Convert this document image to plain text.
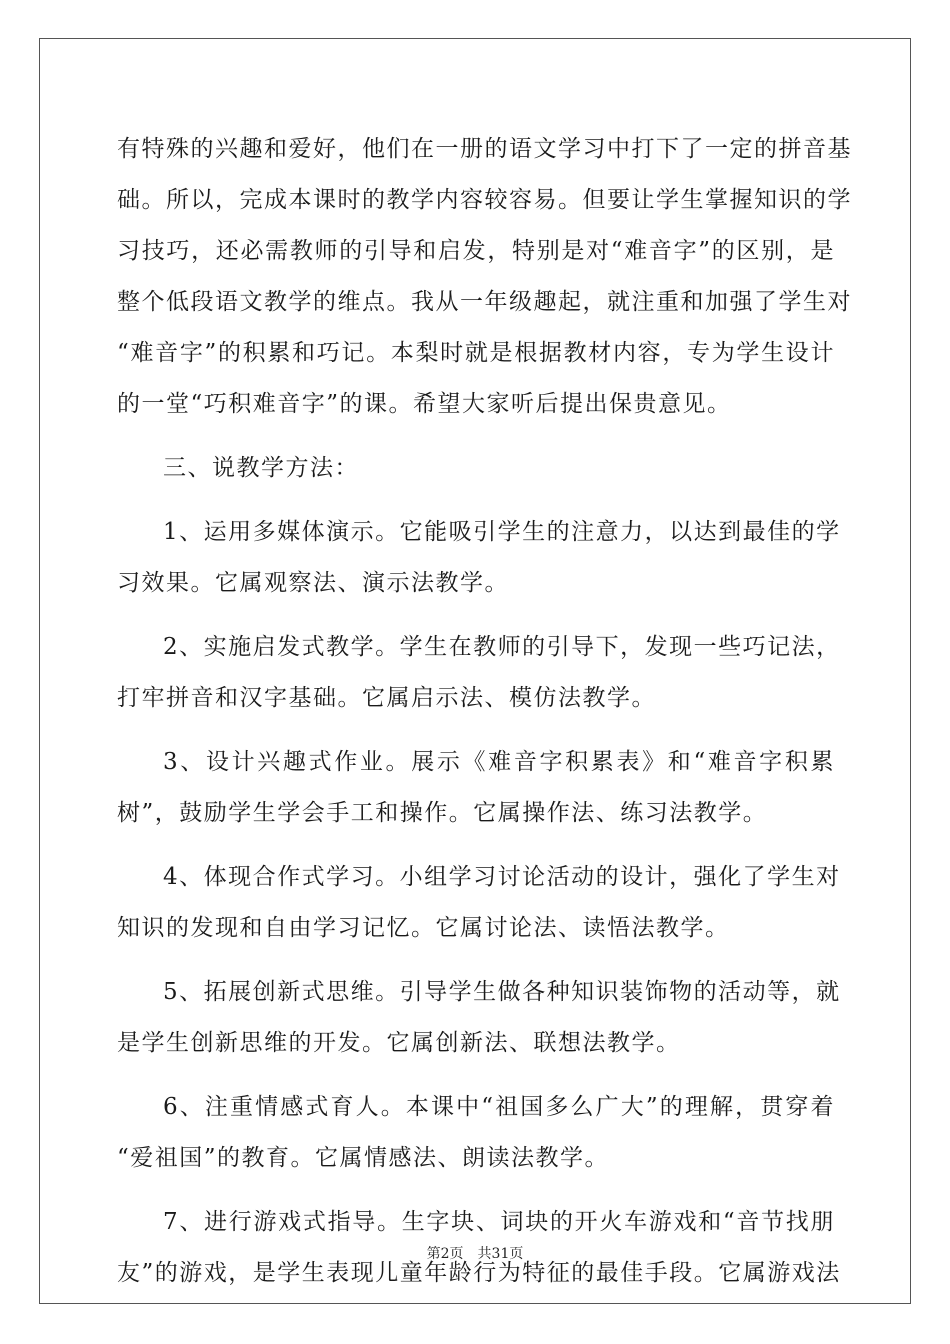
有特殊的兴趣和爱好，他们在一册的语文学习中打下了一定的拼音基
础。所以，完成本课时的教学内容较容易。但要让学生掌握知识的学
习技巧，还必需教师的引导和启发，特别是对“难音字”的区别，是
整个低段语文教学的维点。我从一年级趣起，就注重和加强了学生对
“难音字”的积累和巧记。本梨时就是根据教材内容，专为学生设计
的一堂“巧积难音字”的课。希望大家听后提出保贵意见。
三、说教学方法：
1、运用多媒体演示。它能吸引学生的注意力，以达到最佳的学
习效果。它属观察法、演示法教学。
2、实施启发式教学。学生在教师的引导下，发现一些巧记法，
打牢拼音和汉字基础。它属启示法、模仿法教学。
3、设计兴趣式作业。展示《难音字积累表》和“难音字积累
树”，鼓励学生学会手工和操作。它属操作法、练习法教学。
4、体现合作式学习。小组学习讨论活动的设计，强化了学生对
知识的发现和自由学习记忆。它属讨论法、读悟法教学。
5、拓展创新式思维。引导学生做各种知识装饰物的活动等，就
是学生创新思维的开发。它属创新法、联想法教学。
6、注重情感式育人。本课中“祖国多么广大”的理解，贯穿着
“爱祖国”的教育。它属情感法、朗读法教学。
7、进行游戏式指导。生字块、词块的开火车游戏和“音节找朋
友”的游戏，是学生表现儿童年龄行为特征的最佳手段。它属游戏法
第2页 共31页
